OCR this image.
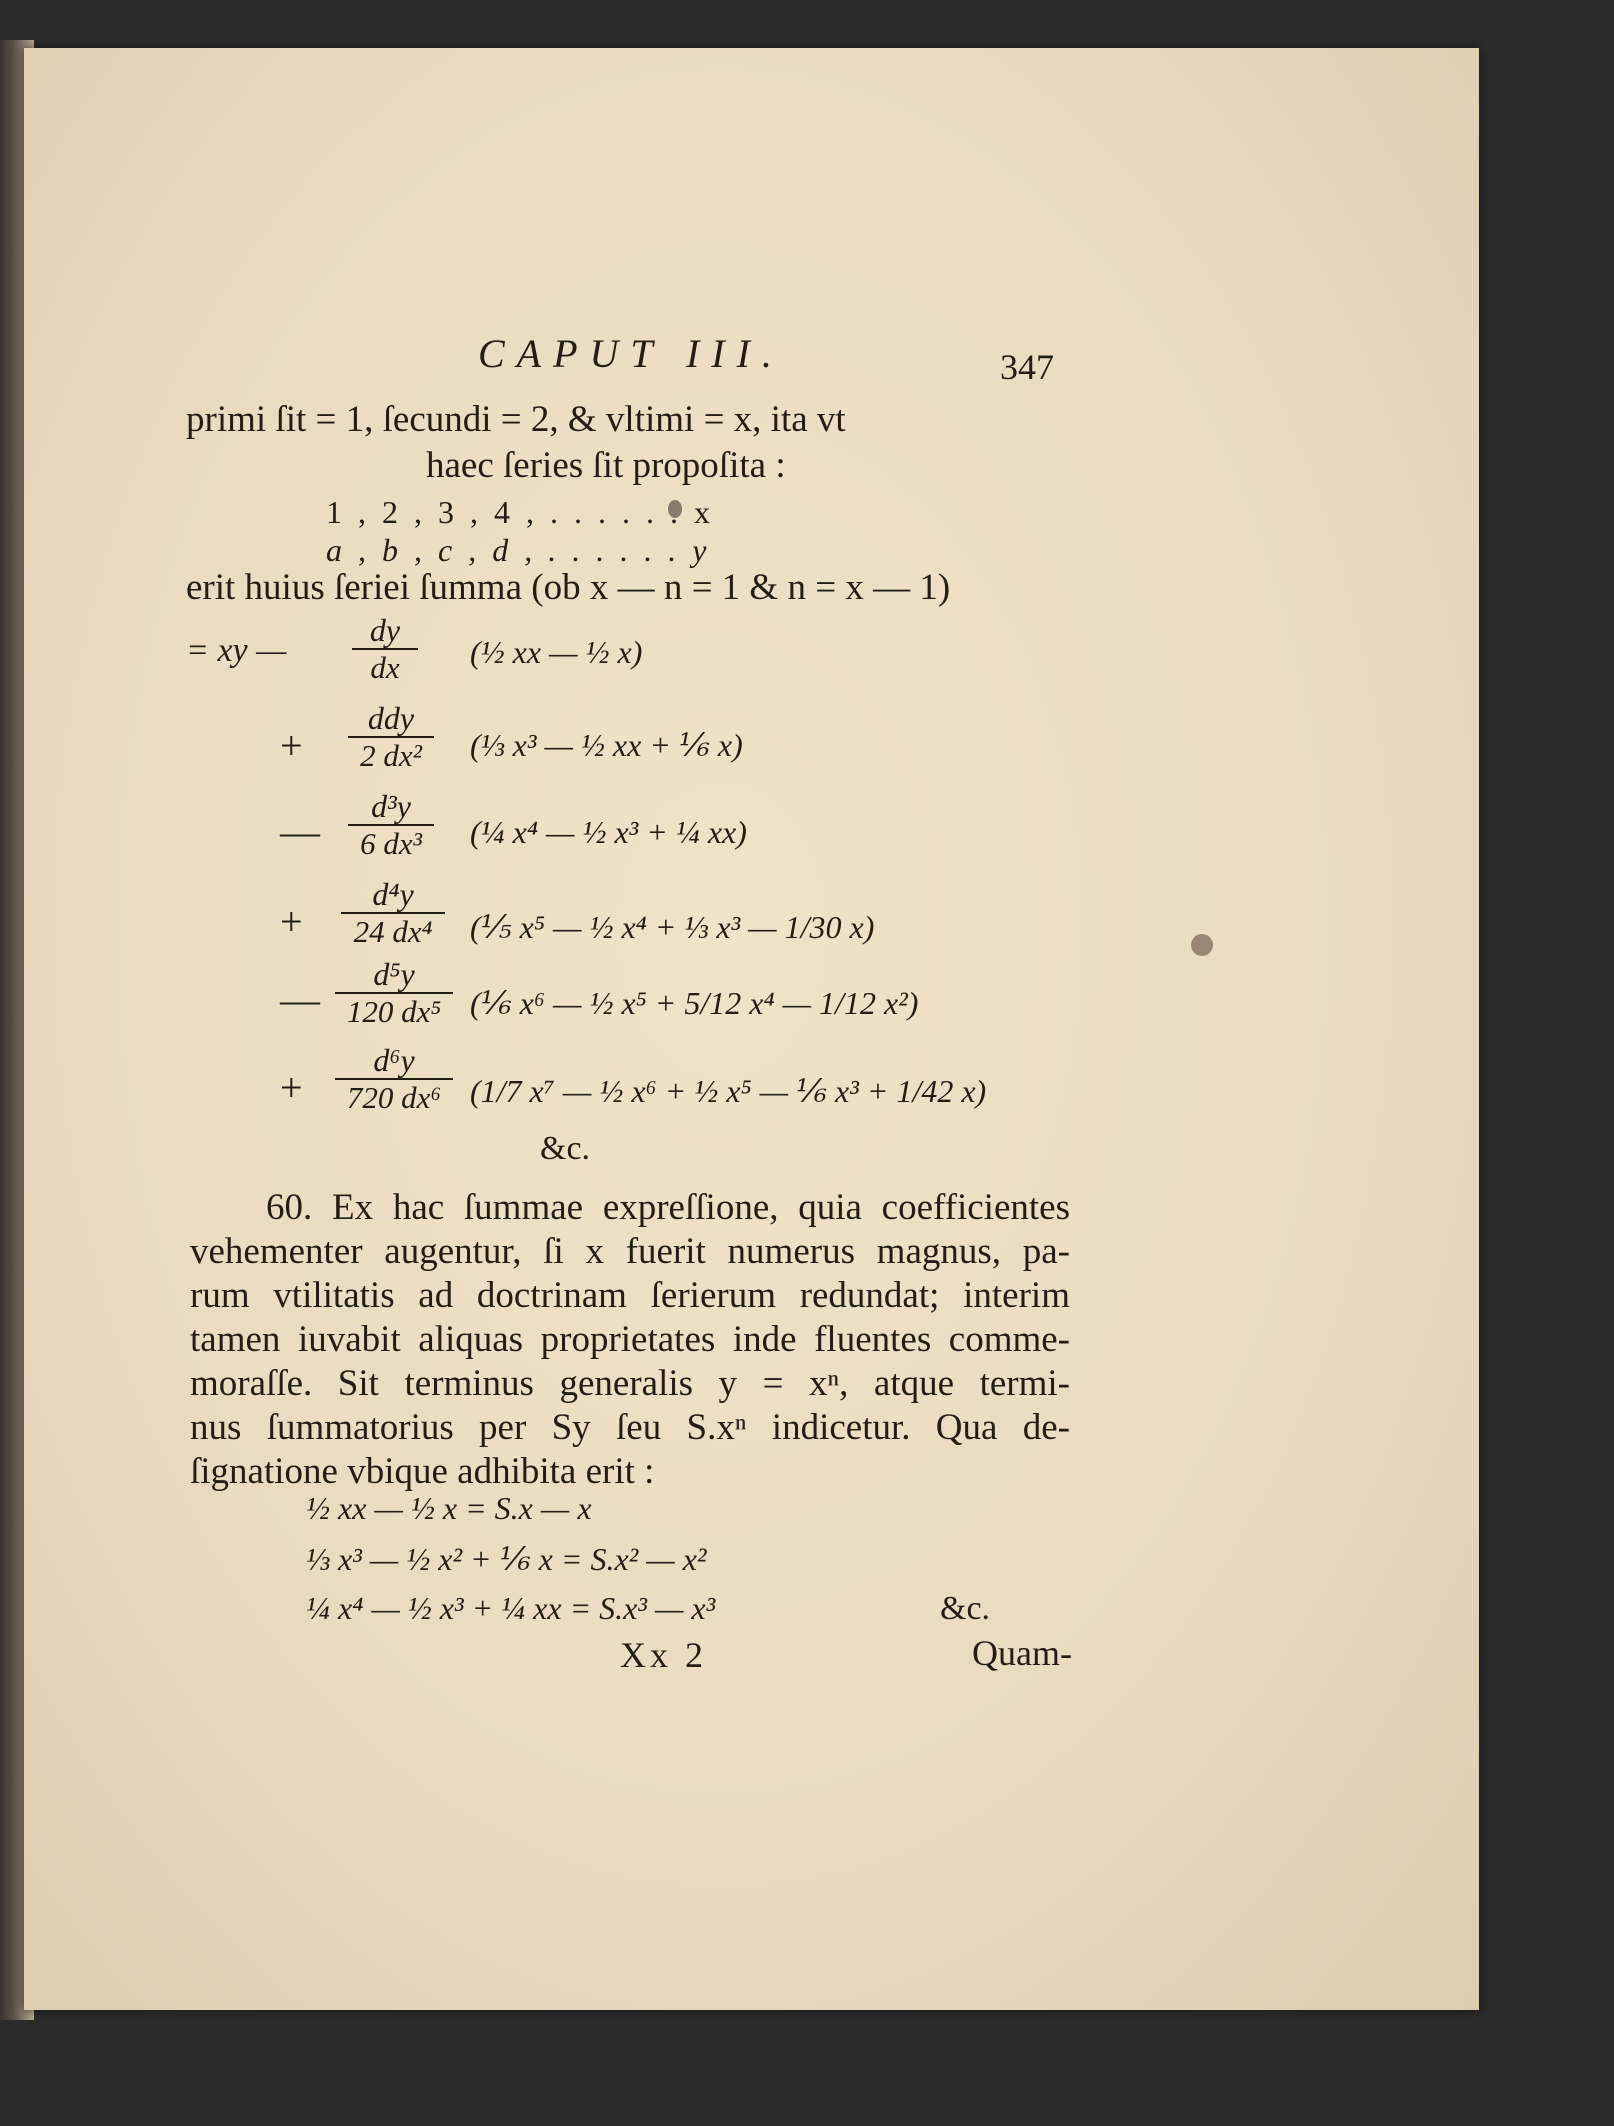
CAPUT III.	347
primi ſit = 1, ſecundi = 2, & vltimi = x, ita vt
haec ſeries ſit propoſita :
1 , 2 , 3 , 4 , . . . . . . x
a , b , c , d , . . . . . . y
erit huius ſeriei ſumma (ob x — n = 1 & n = x — 1)
= xy —
dy
dx	(½ xx — ½ x)
+
ddy
2 dx²	(⅓ x³ — ½ xx + ⅙ x)
—
d³y
6 dx³	(¼ x⁴ — ½ x³ + ¼ xx)
+
d⁴y
24 dx⁴	(⅕ x⁵ — ½ x⁴ + ⅓ x³ — 1/30 x)
—
d⁵y
120 dx⁵ (⅙ x⁶ — ½ x⁵ + 5/12 x⁴ — 1/12 x²)
+
d⁶y
720 dx⁶ (1/7 x⁷ — ½ x⁶ + ½ x⁵ — ⅙ x³ + 1/42 x)
&c.
60. Ex hac ſummae expreſſione, quia coefficientes
vehementer augentur, ſi x fuerit numerus magnus, pa-
rum vtilitatis ad doctrinam ſerierum redundat; interim
tamen iuvabit aliquas proprietates inde fluentes comme-
moraſſe. Sit terminus generalis y = xⁿ, atque termi-
nus ſummatorius per Sy ſeu S.xⁿ indicetur. Qua de-
ſignatione vbique adhibita erit :
½ xx — ½ x = S.x — x
⅓ x³ — ½ x² + ⅙ x = S.x² — x²
¼ x⁴ — ½ x³ + ¼ xx = S.x³ — x³	&c.
Xx 2	Quam-
